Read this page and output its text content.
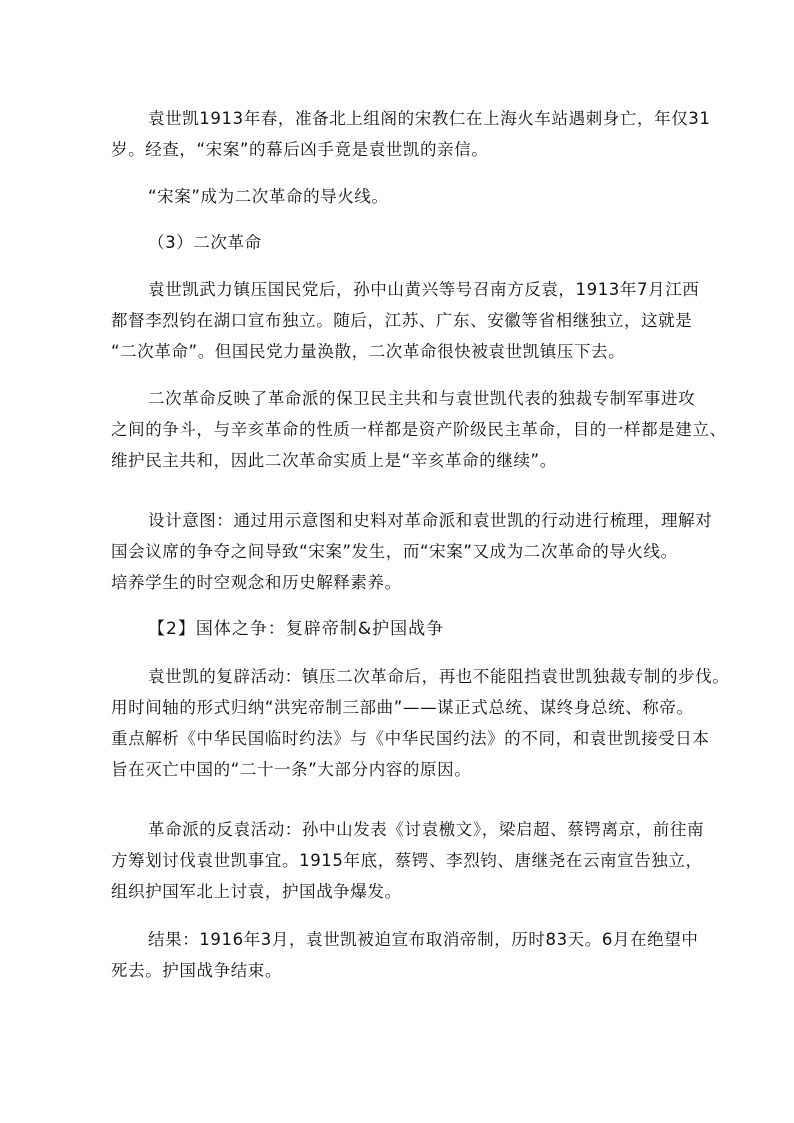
袁世凯1913年春，准备北上组阁的宋教仁在上海火车站遇刺身亡，年仅31
岁。经查，“宋案”的幕后凶手竟是袁世凯的亲信。

“宋案”成为二次革命的导火线。

（3）二次革命

袁世凯武力镇压国民党后，孙中山黄兴等号召南方反袁，1913年7月江西
都督李烈钧在湖口宣布独立。随后，江苏、广东、安徽等省相继独立，这就是
“二次革命”。但国民党力量涣散，二次革命很快被袁世凯镇压下去。

二次革命反映了革命派的保卫民主共和与袁世凯代表的独裁专制军事进攻
之间的争斗，与辛亥革命的性质一样都是资产阶级民主革命，目的一样都是建立、
维护民主共和，因此二次革命实质上是“辛亥革命的继续”。

设计意图：通过用示意图和史料对革命派和袁世凯的行动进行梳理，理解对
国会议席的争夺之间导致“宋案”发生，而“宋案”又成为二次革命的导火线。
培养学生的时空观念和历史解释素养。

【2】国体之争：复辟帝制&护国战争

袁世凯的复辟活动：镇压二次革命后，再也不能阻挡袁世凯独裁专制的步伐。
用时间轴的形式归纳“洪宪帝制三部曲”——谋正式总统、谋终身总统、称帝。
重点解析《中华民国临时约法》与《中华民国约法》的不同，和袁世凯接受日本
旨在灭亡中国的“二十一条”大部分内容的原因。

革命派的反袁活动：孙中山发表《讨袁檄文》，梁启超、蔡锷离京，前往南
方筹划讨伐袁世凯事宜。1915年底，蔡锷、李烈钧、唐继尧在云南宣告独立，
组织护国军北上讨袁，护国战争爆发。

结果：1916年3月，袁世凯被迫宣布取消帝制，历时83天。6月在绝望中
死去。护国战争结束。
